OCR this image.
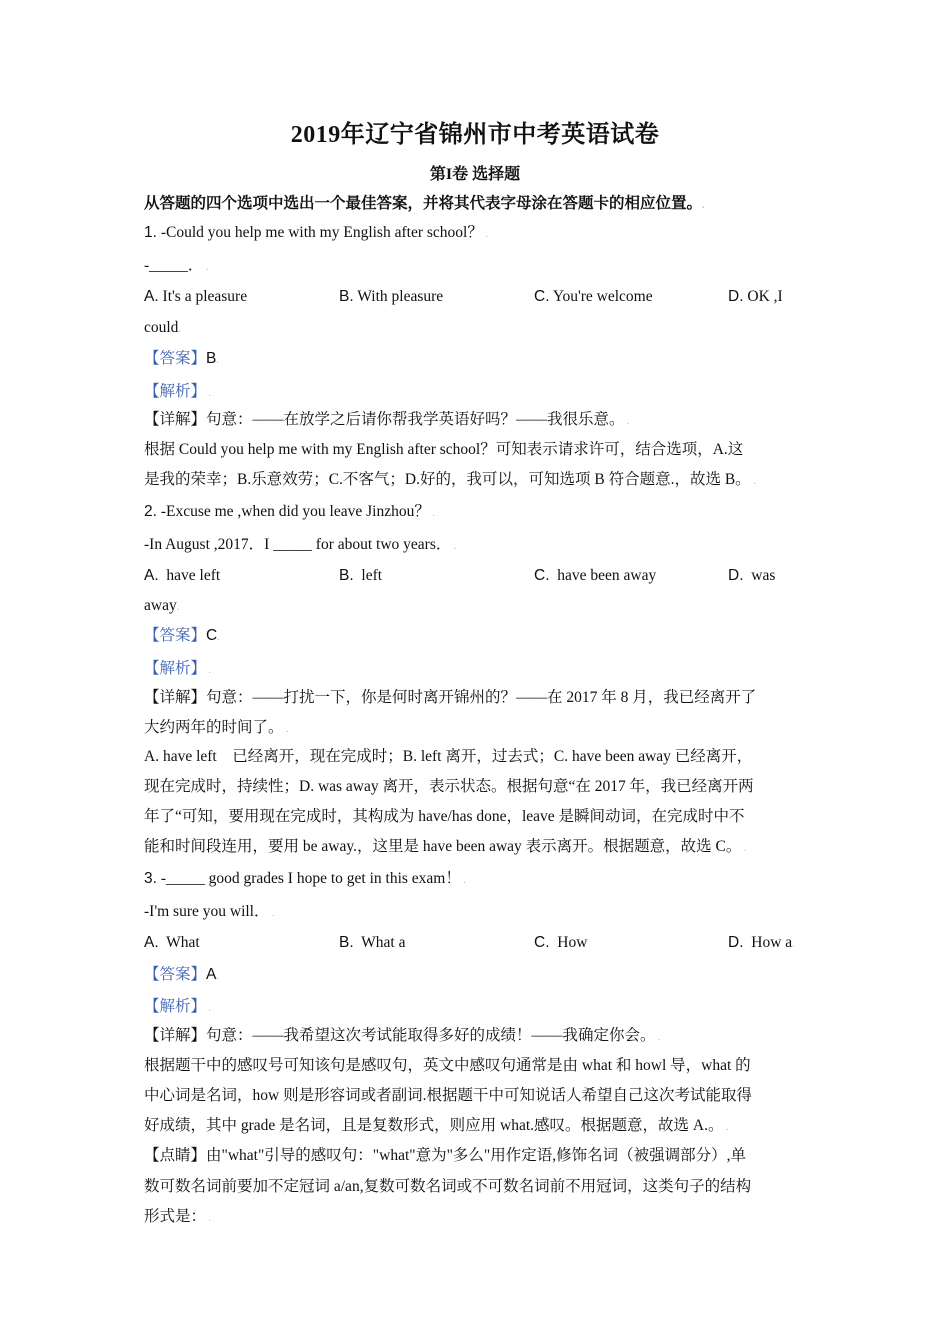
2019年辽宁省锦州市中考英语试卷
第I卷 选择题
从答题的四个选项中选出一个最佳答案，并将其代表字母涂在答题卡的相应位置。.
1. -Could you help me with my English after school？ .
-_____． .
A. It's a pleasure	B. With pleasure	C. You're welcome	D. OK ,I
could.
【答案】B.
【解析】 .
【详解】句意：——在放学之后请你帮我学英语好吗？——我很乐意。 .
根据 Could you help me with my English after school？可知表示请求许可，结合选项，A.这
是我的荣幸；B.乐意效劳；C.不客气；D.好的，我可以，可知选项 B 符合题意.，故选 B。 .
2. -Excuse me ,when did you leave Jinzhou？ .
-In August ,2017．I _____ for about two years． .
A. have left	B. left	C. have been away	D. was
away.
【答案】C.
【解析】 .
【详解】句意：——打扰一下，你是何时离开锦州的？——在 2017 年 8 月，我已经离开了
大约两年的时间了。 .
A. have left　已经离开，现在完成时；B. left 离开，过去式；C. have been away 已经离开，
现在完成时，持续性；D. was away 离开，表示状态。根据句意“在 2017 年，我已经离开两
年了“可知，要用现在完成时，其构成为 have/has done，leave 是瞬间动词，在完成时中不
能和时间段连用，要用 be away.，这里是 have been away 表示离开。根据题意，故选 C。 .
3. -_____ good grades I hope to get in this exam！ .
-I'm sure you will． .
A. What	B. What a	C. How	D. How a.
【答案】A.
【解析】 .
【详解】句意：——我希望这次考试能取得多好的成绩！——我确定你会。 .
根据题干中的感叹号可知该句是感叹句，英文中感叹句通常是由 what 和 howl 导，what 的
中心词是名词，how 则是形容词或者副词.根据题干中可知说话人希望自己这次考试能取得
好成绩，其中 grade 是名词，且是复数形式，则应用 what.感叹。根据题意，故选 A.。 .
【点睛】由"what"引导的感叹句："what"意为"多么"用作定语,修饰名词（被强调部分）,单
数可数名词前要加不定冠词 a/an,复数可数名词或不可数名词前不用冠词，这类句子的结构
形式是： .
